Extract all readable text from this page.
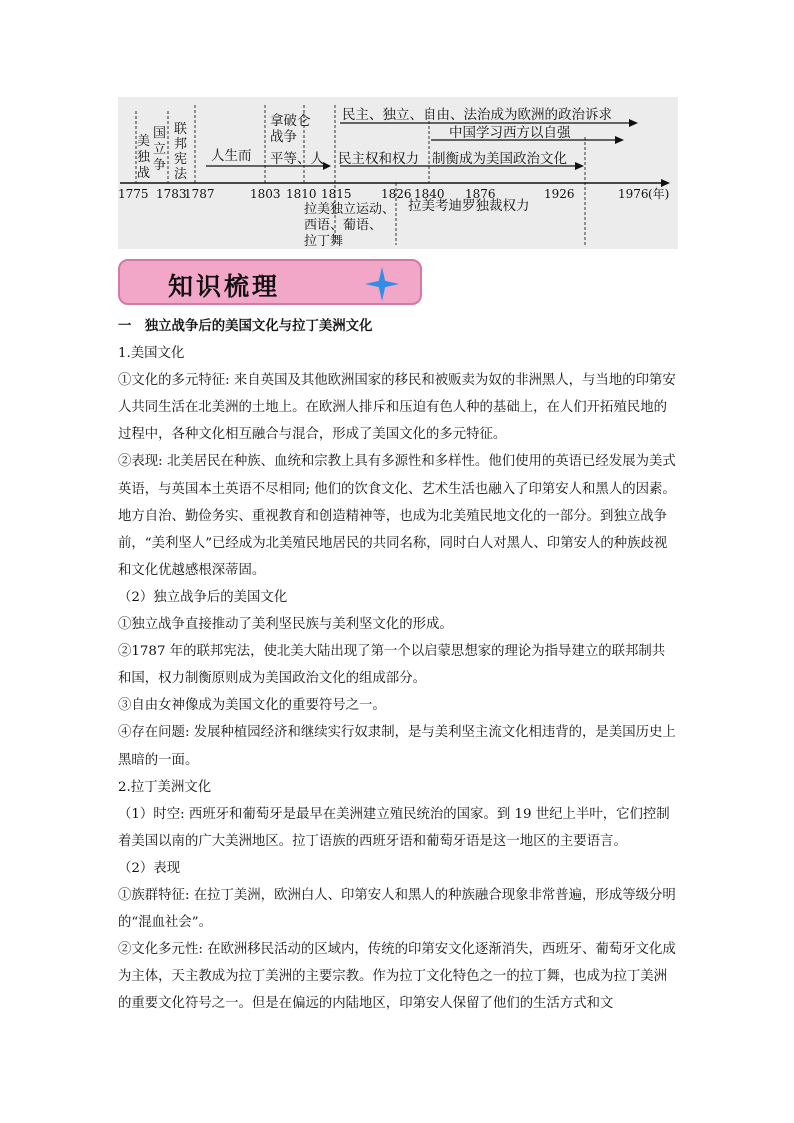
美 独 战
国 立 争
联 邦 宪 法
人生而
拿破仑 战争
平等、人
民主、独立、自由、法治成为欧洲的政治诉求
中国学习西方以自强
民主权和权力 制衡成为美国政治文化
1775 1783
1787	1803 1810 1815 1826 1840 1876	1926	1976 (年)
拉美独立运动、 西语、葡语、 拉丁舞
拉美考迪罗独裁权力
知识梳理

一　独立战争后的美国文化与拉丁美洲文化

1.美国文化

①文化的多元特征: 来自英国及其他欧洲国家的移民和被贩卖为奴的非洲黑人，与当地的印第安人共同生活在北美洲的土地上。在欧洲人排斥和压迫有色人种的基础上，在人们开拓殖民地的过程中，各种文化相互融合与混合，形成了美国文化的多元特征。

②表现: 北美居民在种族、血统和宗教上具有多源性和多样性。他们使用的英语已经发展为美式英语，与英国本土英语不尽相同; 他们的饮食文化、艺术生活也融入了印第安人和黑人的因素。地方自治、勤俭务实、重视教育和创造精神等，也成为北美殖民地文化的一部分。到独立战争前，“美利坚人”已经成为北美殖民地居民的共同名称，同时白人对黑人、印第安人的种族歧视和文化优越感根深蒂固。

（2）独立战争后的美国文化

①独立战争直接推动了美利坚民族与美利坚文化的形成。

②1787 年的联邦宪法，使北美大陆出现了第一个以启蒙思想家的理论为指导建立的联邦制共和国，权力制衡原则成为美国政治文化的组成部分。

③自由女神像成为美国文化的重要符号之一。

④存在问题: 发展种植园经济和继续实行奴隶制，是与美利坚主流文化相违背的，是美国历史上黑暗的一面。

2.拉丁美洲文化

（1）时空: 西班牙和葡萄牙是最早在美洲建立殖民统治的国家。到 19 世纪上半叶，它们控制着美国以南的广大美洲地区。拉丁语族的西班牙语和葡萄牙语是这一地区的主要语言。

（2）表现

①族群特征: 在拉丁美洲，欧洲白人、印第安人和黑人的种族融合现象非常普遍，形成等级分明的“混血社会”。

②文化多元性: 在欧洲移民活动的区域内，传统的印第安文化逐渐消失，西班牙、葡萄牙文化成为主体，天主教成为拉丁美洲的主要宗教。作为拉丁文化特色之一的拉丁舞，也成为拉丁美洲的重要文化符号之一。但是在偏远的内陆地区，印第安人保留了他们的生活方式和文
